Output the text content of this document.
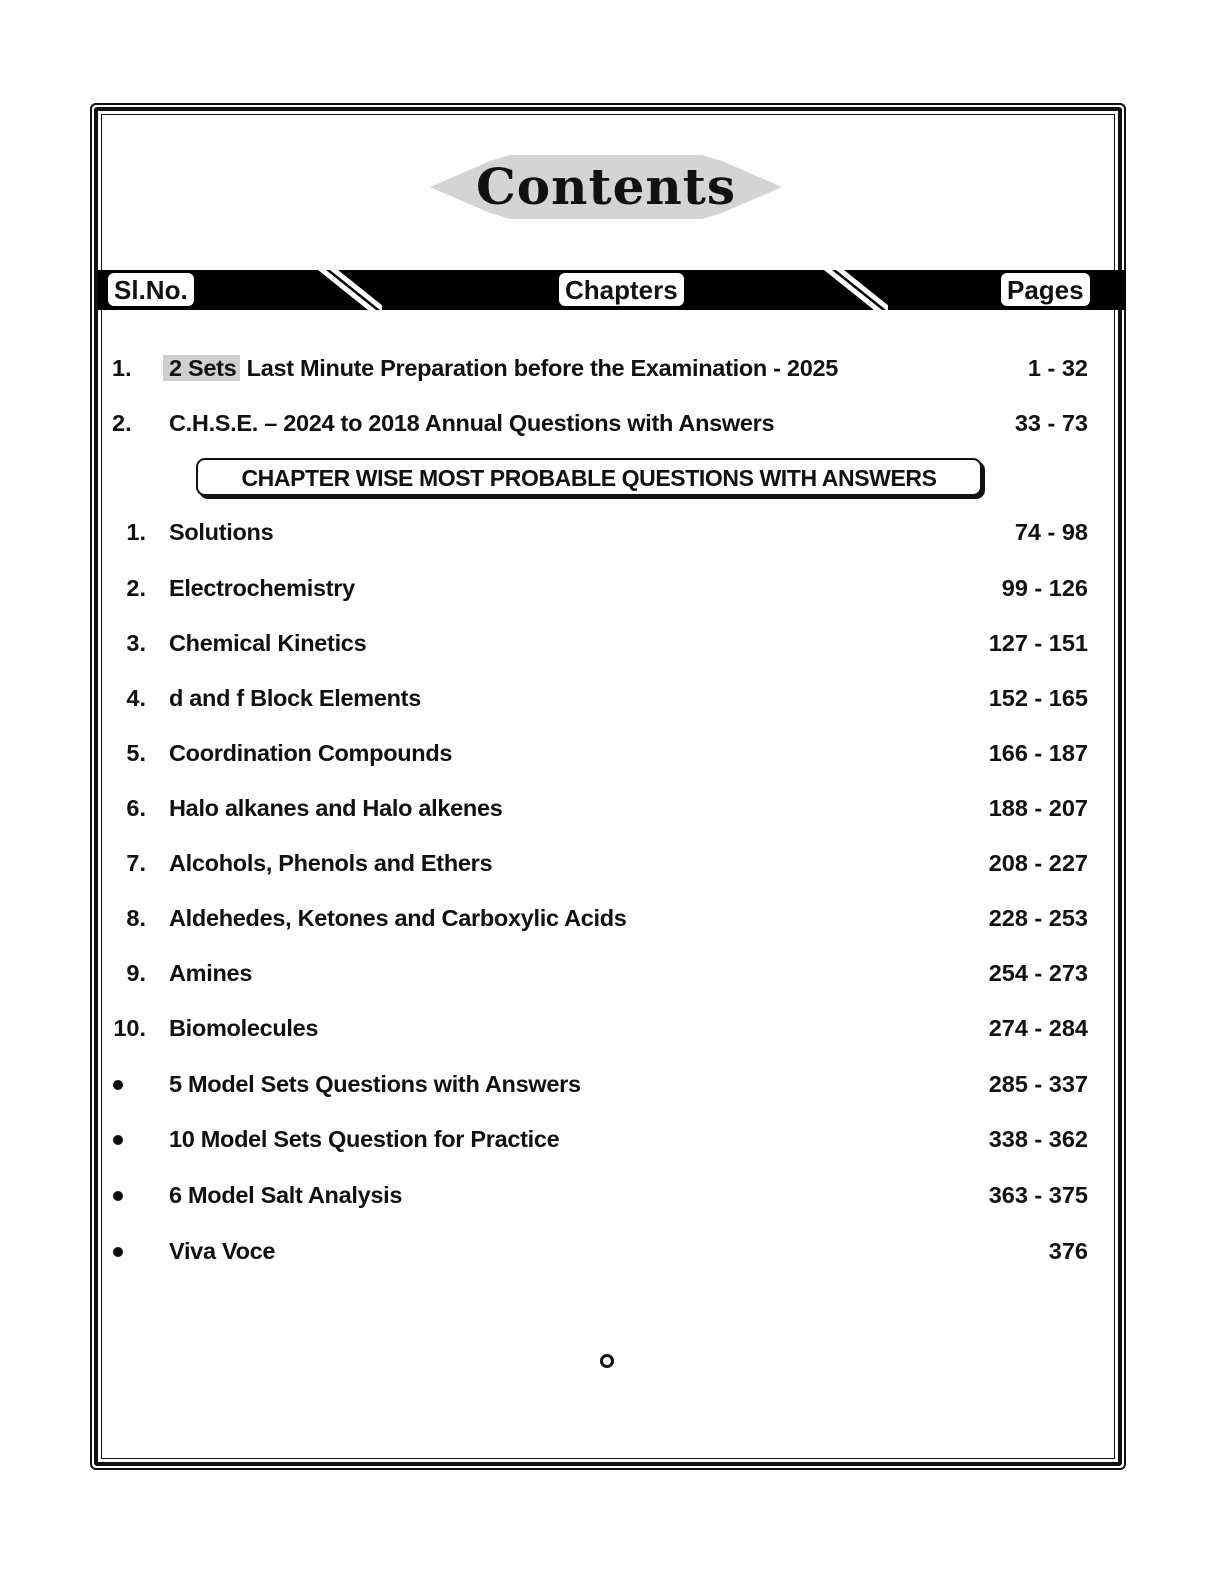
Contents
Sl.No.	Chapters	Pages
1.	2 Sets Last Minute Preparation before the Examination - 2025	1 - 32
2.	C.H.S.E. – 2024 to 2018 Annual Questions with Answers	33 - 73
CHAPTER WISE MOST PROBABLE QUESTIONS WITH ANSWERS
1. Solutions	74 - 98
2. Electrochemistry	99 - 126
3. Chemical Kinetics	127 - 151
4. d and f Block Elements	152 - 165
5. Coordination Compounds	166 - 187
6. Halo alkanes and Halo alkenes	188 - 207
7. Alcohols, Phenols and Ethers	208 - 227
8. Aldehedes, Ketones and Carboxylic Acids	228 - 253
9. Amines	254 - 273
10. Biomolecules	274 - 284
5 Model Sets Questions with Answers	285 - 337
10 Model Sets Question for Practice	338 - 362
6 Model Salt Analysis	363 - 375
Viva Voce	376
